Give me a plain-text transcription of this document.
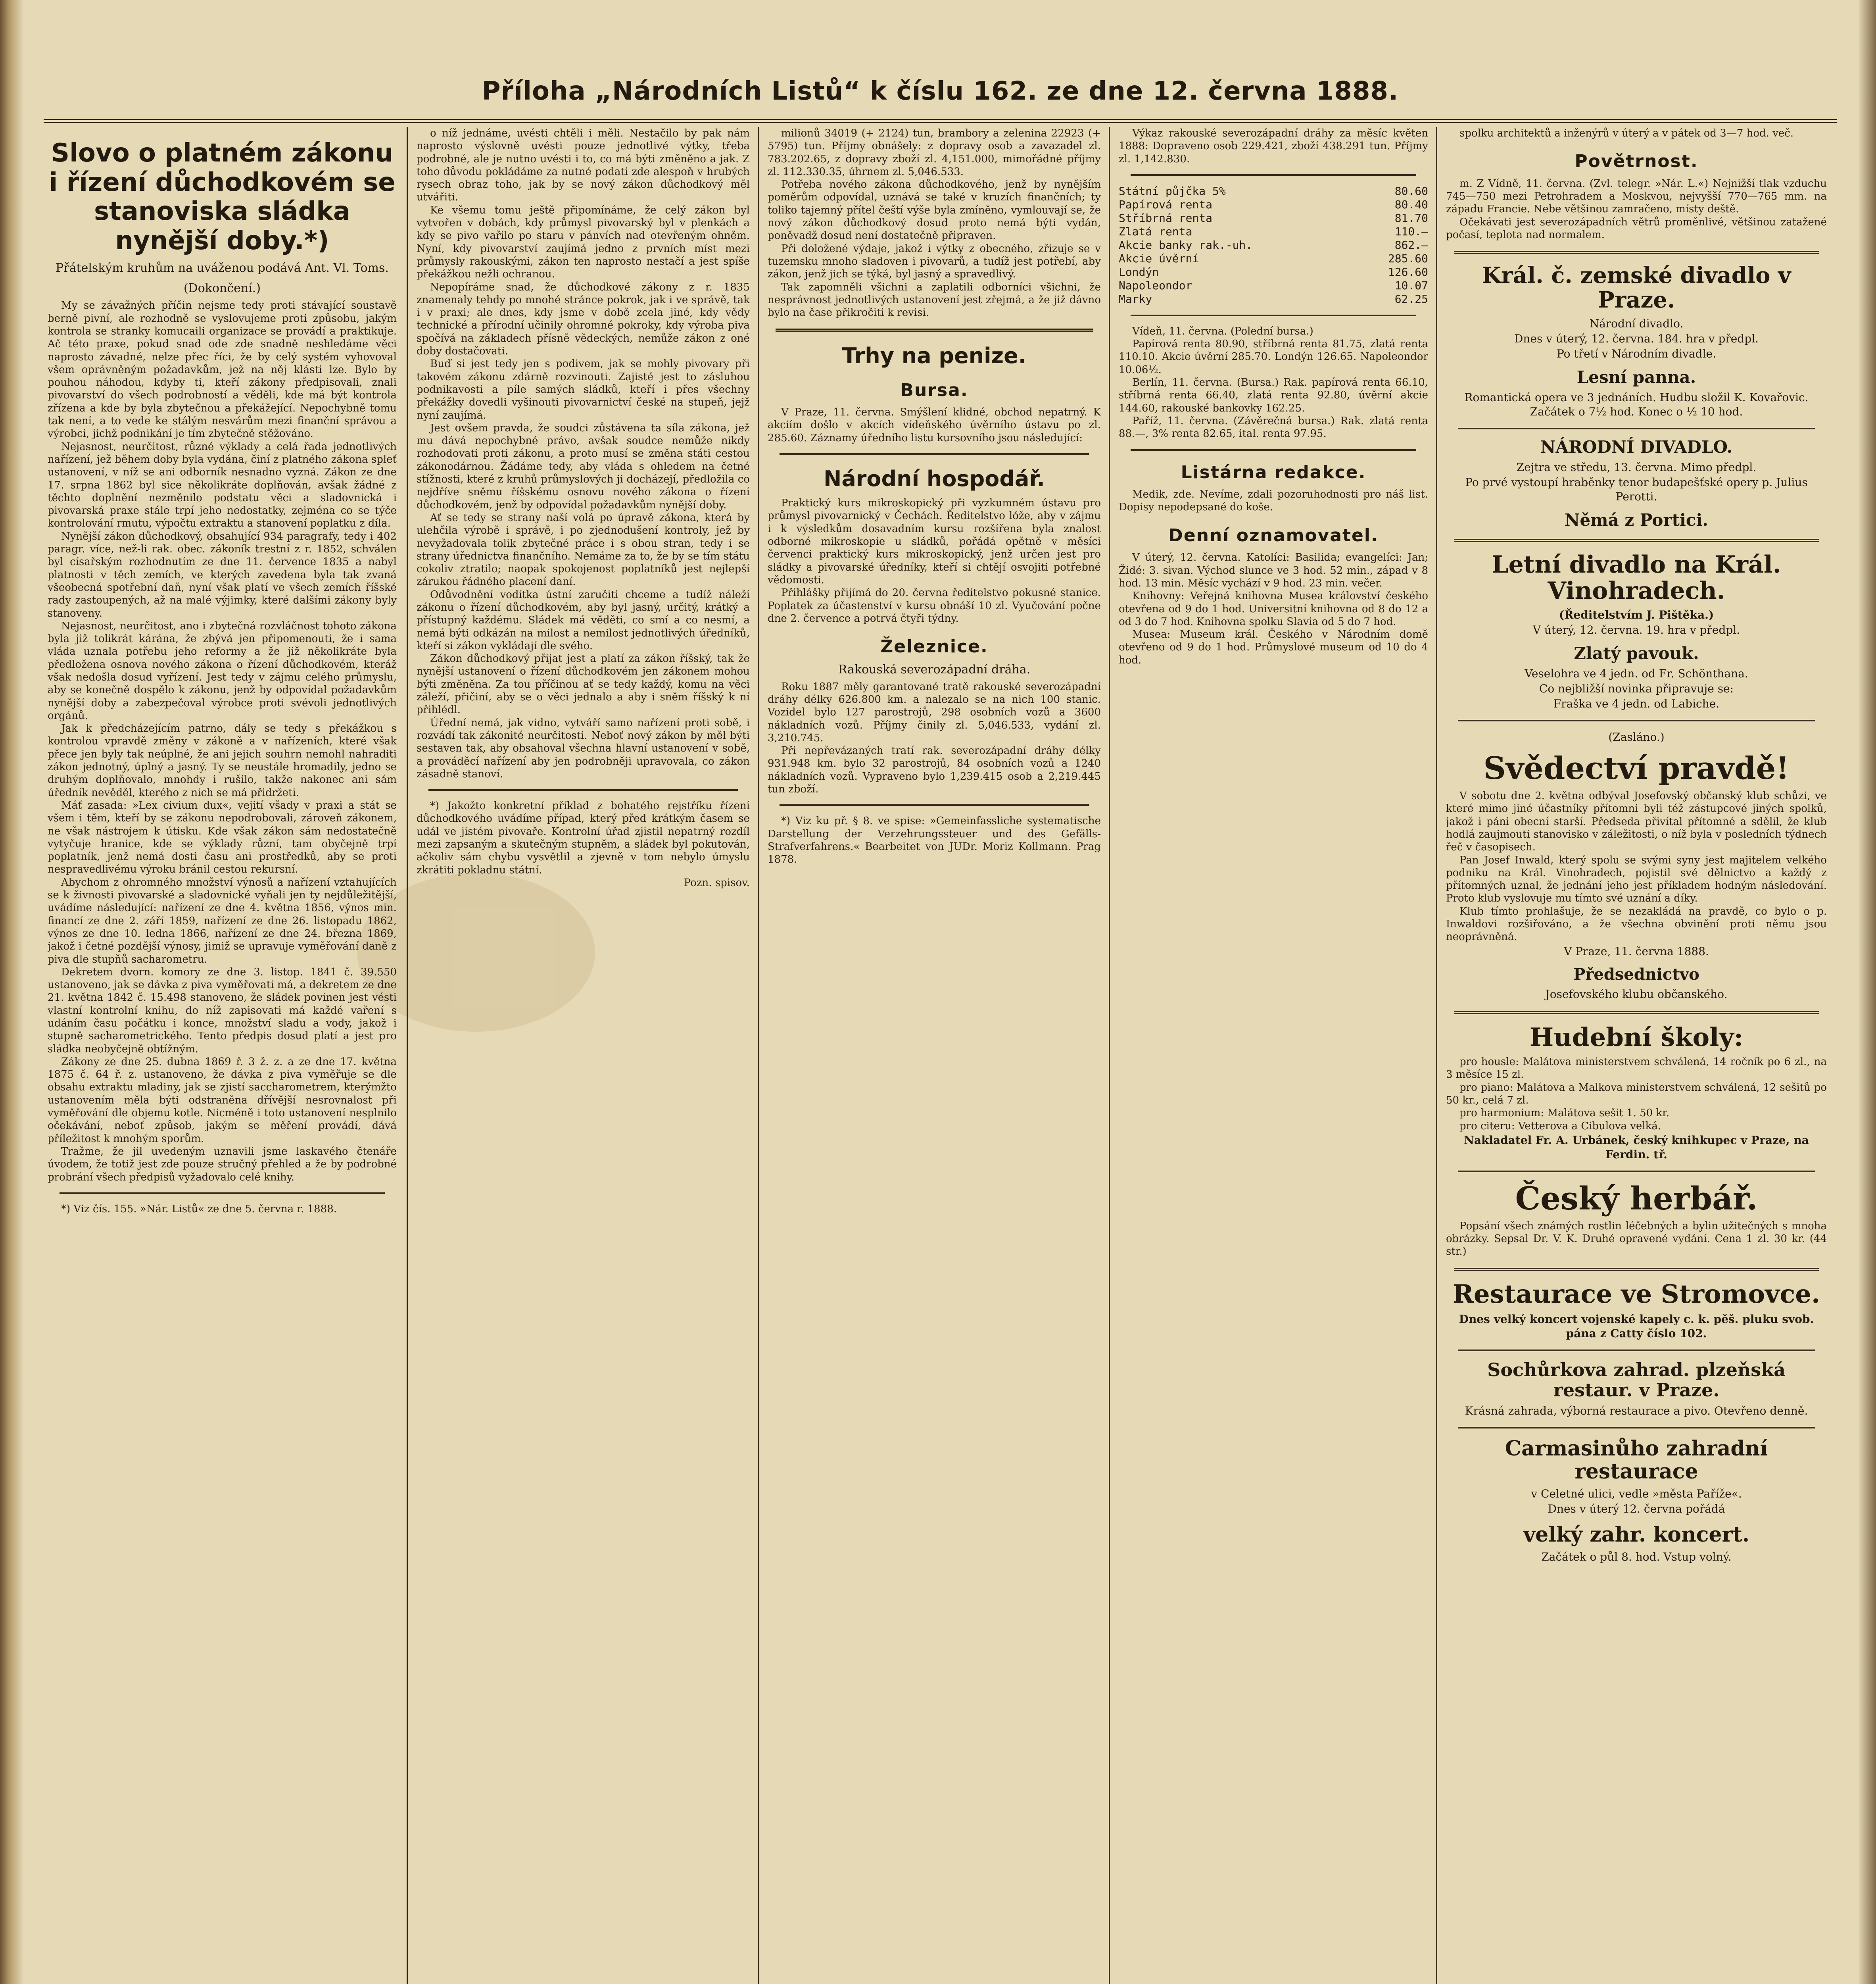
Příloha „Národních Listů“ k číslu 162. ze dne 12. června 1888.
Slovo o platném zákonu i řízení důchodkovém se stanoviska sládka nynější doby.*)
Přátelským kruhům na uváženou podává Ant. Vl. Toms.
(Dokončení.)

My se závažných příčin nejsme tedy proti stávající soustavě berně pivní, ale rozhodně se vyslovujeme proti způsobu, jakým kontrola se stranky komucaili organizace se provádí a praktikuje. Ač této praxe, pokud snad ode zde snadně neshledáme věci naprosto závadné, nelze přec říci, že by celý systém vyhovoval všem oprávněným požadavkům, jež na něj klásti lze. Bylo by pouhou náhodou, kdyby ti, kteří zákony předpisovali, znali pivovarství do všech podrobností a věděli, kde má být kontrola zřízena a kde by byla zbytečnou a překážející. Nepochybně tomu tak není, a to vede ke stálým nesvárům mezi finanční správou a výrobci, jichž podnikání je tím zbytečně stěžováno.

Nejasnost, neurčitost, různé výklady a celá řada jednotlivých nařízení, jež během doby byla vydána, činí z platného zákona spleť ustanovení, v níž se ani odborník nesnadno vyzná. Zákon ze dne 17. srpna 1862 byl sice několikráte doplňován, avšak žádné z těchto doplnění nezměnilo podstatu věci a sladovnická i pivovarská praxe stále trpí jeho nedostatky, zejména co se týče kontrolování rmutu, výpočtu extraktu a stanovení poplatku z díla.

Nynější zákon důchodkový, obsahující 934 paragrafy, tedy i 402 paragr. více, než-li rak. obec. zákoník trestní z r. 1852, schválen byl císařským rozhodnutím ze dne 11. července 1835 a nabyl platnosti v těch zemích, ve kterých zavedena byla tak zvaná všeobecná spotřební daň, nyní však platí ve všech zemích říšské rady zastoupených, až na malé výjimky, které dalšími zákony byly stanoveny.

Nejasnost, neurčitost, ano i zbytečná rozvláčnost tohoto zákona byla již tolikrát kárána, že zbývá jen připomenouti, že i sama vláda uznala potřebu jeho reformy a že již několikráte byla předložena osnova nového zákona o řízení důchodkovém, kteráž však nedošla dosud vyřízení. Jest tedy v zájmu celého průmyslu, aby se konečně dospělo k zákonu, jenž by odpovídal požadavkům nynější doby a zabezpečoval výrobce proti svévoli jednotlivých orgánů.

Jak k předcházejícím patrno, dály se tedy s překážkou s kontrolou vpravdě změny v zákoně a v nařízeních, které však přece jen byly tak neúplné, že ani jejich souhrn nemohl nahraditi zákon jednotný, úplný a jasný. Ty se neustále hromadily, jedno se druhým doplňovalo, mnohdy i rušilo, takže nakonec ani sám úředník nevěděl, kterého z nich se má přidržeti.

Máť zasada: »Lex civium dux«, vejití všady v praxi a stát se všem i těm, kteří by se zákonu nepodrobovali, zároveň zákonem, ne však nástrojem k útisku. Kde však zákon sám nedostatečně vytyčuje hranice, kde se výklady různí, tam obyčejně trpí poplatník, jenž nemá dosti času ani prostředků, aby se proti nespravedlivému výroku bránil cestou rekursní.

Abychom z ohromného množství výnosů a nařízení vztahujících se k živnosti pivovarské a sladovnické vyňali jen ty nejdůležitější, uvádíme následující: nařízení ze dne 4. května 1856, výnos min. financí ze dne 2. září 1859, nařízení ze dne 26. listopadu 1862, výnos ze dne 10. ledna 1866, nařízení ze dne 24. března 1869, jakož i četné pozdější výnosy, jimiž se upravuje vyměřování daně z piva dle stupňů sacharometru.

Dekretem dvorn. komory ze dne 3. listop. 1841 č. 39.550 ustanoveno, jak se dávka z piva vyměřovati má, a dekretem ze dne 21. května 1842 č. 15.498 stanoveno, že sládek povinen jest vésti vlastní kontrolní knihu, do níž zapisovati má každé vaření s udáním času počátku i konce, množství sladu a vody, jakož i stupně sacharometrického. Tento předpis dosud platí a jest pro sládka neobyčejně obtížným.

Zákony ze dne 25. dubna 1869 ř. 3 ž. z. a ze dne 17. května 1875 č. 64 ř. z. ustanoveno, že dávka z piva vyměřuje se dle obsahu extraktu mladiny, jak se zjistí saccharometrem, kterýmžto ustanovením měla býti odstraněna dřívější nesrovnalost při vyměřování dle objemu kotle. Nicméně i toto ustanovení nesplnilo očekávání, neboť způsob, jakým se měření provádí, dává příležitost k mnohým sporům.

Tražme, že jil uvedeným uznavili jsme laskavého čtenáře úvodem, že totiž jest zde pouze stručný přehled a že by podrobné probrání všech předpisů vyžadovalo celé knihy.

*) Viz čís. 155. »Nár. Listů« ze dne 5. června r. 1888.

o níž jednáme, uvésti chtěli i měli. Nestačilo by pak nám naprosto výslovně uvésti pouze jednotlivé výtky, třeba podrobné, ale je nutno uvésti i to, co má býti změněno a jak. Z toho důvodu pokládáme za nutné podati zde alespoň v hrubých rysech obraz toho, jak by se nový zákon důchodkový měl utvářiti.

Ke všemu tomu ještě připomínáme, že celý zákon byl vytvořen v dobách, kdy průmysl pivovarský byl v plenkách a kdy se pivo vařilo po staru v pánvích nad otevřeným ohněm. Nyní, kdy pivovarství zaujímá jedno z prvních míst mezi průmysly rakouskými, zákon ten naprosto nestačí a jest spíše překážkou nežli ochranou.

Nepopíráme snad, že důchodkové zákony z r. 1835 znamenaly tehdy po mnohé stránce pokrok, jak i ve správě, tak i v praxi; ale dnes, kdy jsme v době zcela jiné, kdy vědy technické a přírodní učinily ohromné pokroky, kdy výroba piva spočívá na základech přísně vědeckých, nemůže zákon z oné doby dostačovati.

Buď si jest tedy jen s podivem, jak se mohly pivovary při takovém zákonu zdárně rozvinouti. Zajisté jest to zásluhou podnikavosti a píle samých sládků, kteří i přes všechny překážky dovedli vyšinouti pivovarnictví české na stupeň, jejž nyní zaujímá.

Jest ovšem pravda, že soudci zůstávena ta síla zákona, jež mu dává nepochybné právo, avšak soudce nemůže nikdy rozhodovati proti zákonu, a proto musí se změna státi cestou zákonodárnou. Žádáme tedy, aby vláda s ohledem na četné stížnosti, které z kruhů průmyslových ji docházejí, předložila co nejdříve sněmu říšskému osnovu nového zákona o řízení důchodkovém, jenž by odpovídal požadavkům nynější doby.

Ať se tedy se strany naší volá po úpravě zákona, která by ulehčila výrobě i správě, i po zjednodušení kontroly, jež by nevyžadovala tolik zbytečné práce i s obou stran, tedy i se strany úřednictva finančního. Nemáme za to, že by se tím státu cokoliv ztratilo; naopak spokojenost poplatníků jest nejlepší zárukou řádného placení daní.

Odůvodnění vodítka ústní zaručiti chceme a tudíž náleží zákonu o řízení důchodkovém, aby byl jasný, určitý, krátký a přístupný každému. Sládek má věděti, co smí a co nesmí, a nemá býti odkázán na milost a nemilost jednotlivých úředníků, kteří si zákon vykládají dle svého.

Zákon důchodkový přijat jest a platí za zákon říšský, tak že nynější ustanovení o řízení důchodkovém jen zákonem mohou býti změněna. Za tou příčinou ať se tedy každý, komu na věci záleží, přičiní, aby se o věci jednalo a aby i sněm říšský k ní přihlédl.

Úřední nemá, jak vidno, vytváří samo nařízení proti sobě, i rozvádí tak zákonité neurčitosti. Neboť nový zákon by měl býti sestaven tak, aby obsahoval všechna hlavní ustanovení v sobě, a prováděcí nařízení aby jen podrobněji upravovala, co zákon zásadně stanoví.

*) Jakožto konkretní příklad z bohatého rejstříku řízení důchodkového uvádíme případ, který před krátkým časem se udál ve jistém pivovaře. Kontrolní úřad zjistil nepatrný rozdíl mezi zapsaným a skutečným stupněm, a sládek byl pokutován, ačkoliv sám chybu vysvětlil a zjevně v tom nebylo úmyslu zkrátiti pokladnu státní.

Pozn. spisov.

milionů 34019 (+ 2124) tun, brambory a zelenina 22923 (+ 5795) tun. Příjmy obnášely: z dopravy osob a zavazadel zl. 783.202.65, z dopravy zboží zl. 4,151.000, mimořádné příjmy zl. 112.330.35, úhrnem zl. 5,046.533.

Potřeba nového zákona důchodkového, jenž by nynějším poměrům odpovídal, uznává se také v kruzích finančních; ty toliko tajemný přítel čeští výše byla zmíněno, vymlouvají se, že nový zákon důchodkový dosud proto nemá býti vydán, poněvadž dosud není dostatečně připraven.

Při doložené výdaje, jakož i výtky z obecného, zřizuje se v tuzemsku mnoho sladoven i pivovarů, a tudíž jest potřebí, aby zákon, jenž jich se týká, byl jasný a spravedlivý.

Tak zapomněli všichni a zaplatili odborníci všichni, že nesprávnost jednotlivých ustanovení jest zřejmá, a že již dávno bylo na čase přikročiti k revisi.

Trhy na penize.
Bursa.

V Praze, 11. června. Smýšlení klidné, obchod nepatrný. K akciím došlo v akcích vídeňského úvěrního ústavu po zl. 285.60. Záznamy úředního listu kursovního jsou následující:

Národní hospodář.

Praktický kurs mikroskopický při vyzkumném ústavu pro průmysl pivovarnický v Čechách. Ředitelstvo lóže, aby v zájmu i k výsledkům dosavadním kursu rozšířena byla znalost odborné mikroskopie u sládků, pořádá opětně v měsíci červenci praktický kurs mikroskopický, jenž určen jest pro sládky a pivovarské úředníky, kteří si chtějí osvojiti potřebné vědomosti.

Přihlášky přijímá do 20. června ředitelstvo pokusné stanice. Poplatek za účastenství v kursu obnáší 10 zl. Vyučování počne dne 2. července a potrvá čtyři týdny.

Železnice.
Rakouská severozápadní dráha.

Roku 1887 měly garantované tratě rakouské severozápadní dráhy délky 626.800 km. a nalezalo se na nich 100 stanic. Vozidel bylo 127 parostrojů, 298 osobních vozů a 3600 nákladních vozů. Příjmy činily zl. 5,046.533, vydání zl. 3,210.745.

Při nepřevázaných tratí rak. severozápadní dráhy délky 931.948 km. bylo 32 parostrojů, 84 osobních vozů a 1240 nákladních vozů. Vypraveno bylo 1,239.415 osob a 2,219.445 tun zboží.

*) Viz ku př. § 8. ve spise: »Gemeinfassliche systematische Darstellung der Verzehrungssteuer und des Gefälls-Strafverfahrens.« Bearbeitet von JUDr. Moriz Kollmann. Prag 1878.

Výkaz rakouské severozápadní dráhy za měsíc květen 1888: Dopraveno osob 229.421, zboží 438.291 tun. Příjmy zl. 1,142.830.

80.60
Státní půjčka 5%

80.40
Papírová renta

81.70
Stříbrná renta

110.—
Zlatá renta

862.—
Akcie banky rak.-uh.

285.60
Akcie úvěrní

126.60
Londýn

10.07
Napoleondor

62.25
Marky

Vídeň, 11. června. (Polední bursa.)

Papírová renta 80.90, stříbrná renta 81.75, zlatá renta 110.10. Akcie úvěrní 285.70. Londýn 126.65. Napoleondor 10.06½.

Berlín, 11. června. (Bursa.) Rak. papírová renta 66.10, stříbrná renta 66.40, zlatá renta 92.80, úvěrní akcie 144.60, rakouské bankovky 162.25.

Paříž, 11. června. (Závěrečná bursa.) Rak. zlatá renta 88.—, 3% renta 82.65, ital. renta 97.95.

Listárna redakce.

Medik, zde. Nevíme, zdali pozoruhodnosti pro náš list. Dopisy nepodepsané do koše.

Denní oznamovatel.

V úterý, 12. června. Katolíci: Basilida; evangelíci: Jan; Židé: 3. sivan. Východ slunce ve 3 hod. 52 min., západ v 8 hod. 13 min. Měsíc vychází v 9 hod. 23 min. večer.

Knihovny: Veřejná knihovna Musea království českého otevřena od 9 do 1 hod. Universitní knihovna od 8 do 12 a od 3 do 7 hod. Knihovna spolku Slavia od 5 do 7 hod.

Musea: Museum král. Českého v Národním domě otevřeno od 9 do 1 hod. Průmyslové museum od 10 do 4 hod.

spolku architektů a inženýrů v úterý a v pátek od 3—7 hod. več.

Povětrnost.

m. Z Vídně, 11. června. (Zvl. telegr. »Nár. L.«) Nejnižší tlak vzduchu 745—750 mezi Petrohradem a Moskvou, nejvyšší 770—765 mm. na západu Francie. Nebe většinou zamračeno, místy deště.

Očekávati jest severozápadních větrů proměnlivé, většinou zatažené počasí, teplota nad normalem.

Král. č. zemské divadlo v Praze.
Národní divadlo.
Dnes v úterý, 12. června. 184. hra v předpl.
Po třetí v Národním divadle.
Lesní panna.
Romantická opera ve 3 jednáních. Hudbu složil K. Kovařovic. Začátek o 7½ hod. Konec o ½ 10 hod.
NÁRODNÍ DIVADLO.
Zejtra ve středu, 13. června. Mimo předpl.
Po prvé vystoupí hraběnky tenor budapešťské opery p. Julius Perotti.
Němá z Portici.
Letní divadlo na Král. Vinohradech.
(Ředitelstvím J. Pištěka.)
V úterý, 12. června. 19. hra v předpl.
Zlatý pavouk.
Veselohra ve 4 jedn. od Fr. Schönthana.
Co nejbližší novinka připravuje se:
Fraška ve 4 jedn. od Labiche.
(Zasláno.)
Svědectví pravdě!

V sobotu dne 2. května odbýval Josefovský občanský klub schůzi, ve které mimo jiné účastníky přítomni byli též zástupcové jiných spolků, jakož i páni obecní starší. Předseda přivítal přítomné a sdělil, že klub hodlá zaujmouti stanovisko v záležitosti, o níž byla v posledních týdnech řeč v časopisech.

Pan Josef Inwald, který spolu se svými syny jest majitelem velkého podniku na Král. Vinohradech, pojistil své dělnictvo a každý z přítomných uznal, že jednání jeho jest příkladem hodným následování. Proto klub vyslovuje mu tímto své uznání a díky.

Klub tímto prohlašuje, že se nezakládá na pravdě, co bylo o p. Inwaldovi rozšiřováno, a že všechna obvinění proti němu jsou neoprávněná.

V Praze, 11. června 1888.
Předsednictvo
Josefovského klubu občanského.
Hudební školy:

pro housle: Malátova ministerstvem schválená, 14 ročník po 6 zl., na 3 měsíce 15 zl.

pro piano: Malátova a Malkova ministerstvem schválená, 12 sešitů po 50 kr., celá 7 zl.

pro harmonium: Malátova sešit 1. 50 kr.

pro citeru: Vetterova a Cibulova velká.

Nakladatel Fr. A. Urbánek, český knihkupec v Praze, na Ferdin. tř.
Český herbář.

Popsání všech známých rostlin léčebných a bylin užitečných s mnoha obrázky. Sepsal Dr. V. K. Druhé opravené vydání. Cena 1 zl. 30 kr. (44 str.)

Restaurace ve Stromovce.
Dnes velký koncert vojenské kapely c. k. pěš. pluku svob. pána z Catty číslo 102.
Sochůrkova zahrad. plzeňská restaur. v Praze.
Krásná zahrada, výborná restaurace a pivo. Otevřeno denně.
Carmasinůho zahradní restaurace
v Celetné ulici, vedle »města Paříže«.
Dnes v úterý 12. června pořádá
velký zahr. koncert.
Začátek o půl 8. hod. Vstup volný.
